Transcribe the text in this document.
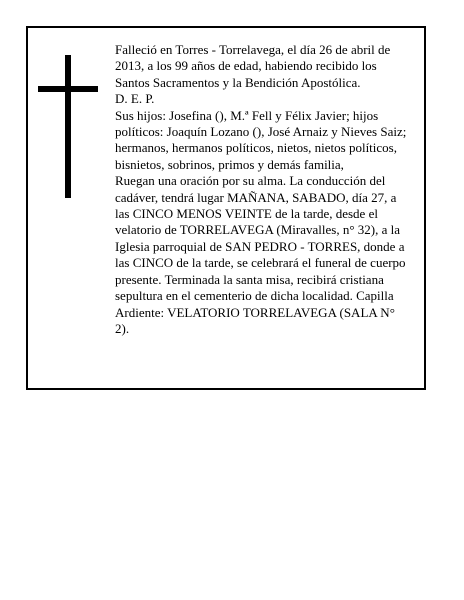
Falleció en Torres - Torrelavega, el día 26 de abril de
2013, a los 99 años de edad, habiendo recibido los
Santos Sacramentos y la Bendición Apostólica.
D. E. P.
Sus hijos: Josefina (), M.ª Fell y Félix Javier; hijos
políticos: Joaquín Lozano (), José Arnaiz y Nieves Saiz;
hermanos, hermanos políticos, nietos, nietos políticos,
bisnietos, sobrinos, primos y demás familia,
Ruegan una oración por su alma. La conducción del
cadáver, tendrá lugar MAÑANA, SABADO, día 27, a
las CINCO MENOS VEINTE de la tarde, desde el
velatorio de TORRELAVEGA (Miravalles, n° 32), a la
Iglesia parroquial de SAN PEDRO - TORRES, donde a
las CINCO de la tarde, se celebrará el funeral de cuerpo
presente. Terminada la santa misa, recibirá cristiana
sepultura en el cementerio de dicha localidad. Capilla
Ardiente: VELATORIO TORRELAVEGA (SALA N°
2).
